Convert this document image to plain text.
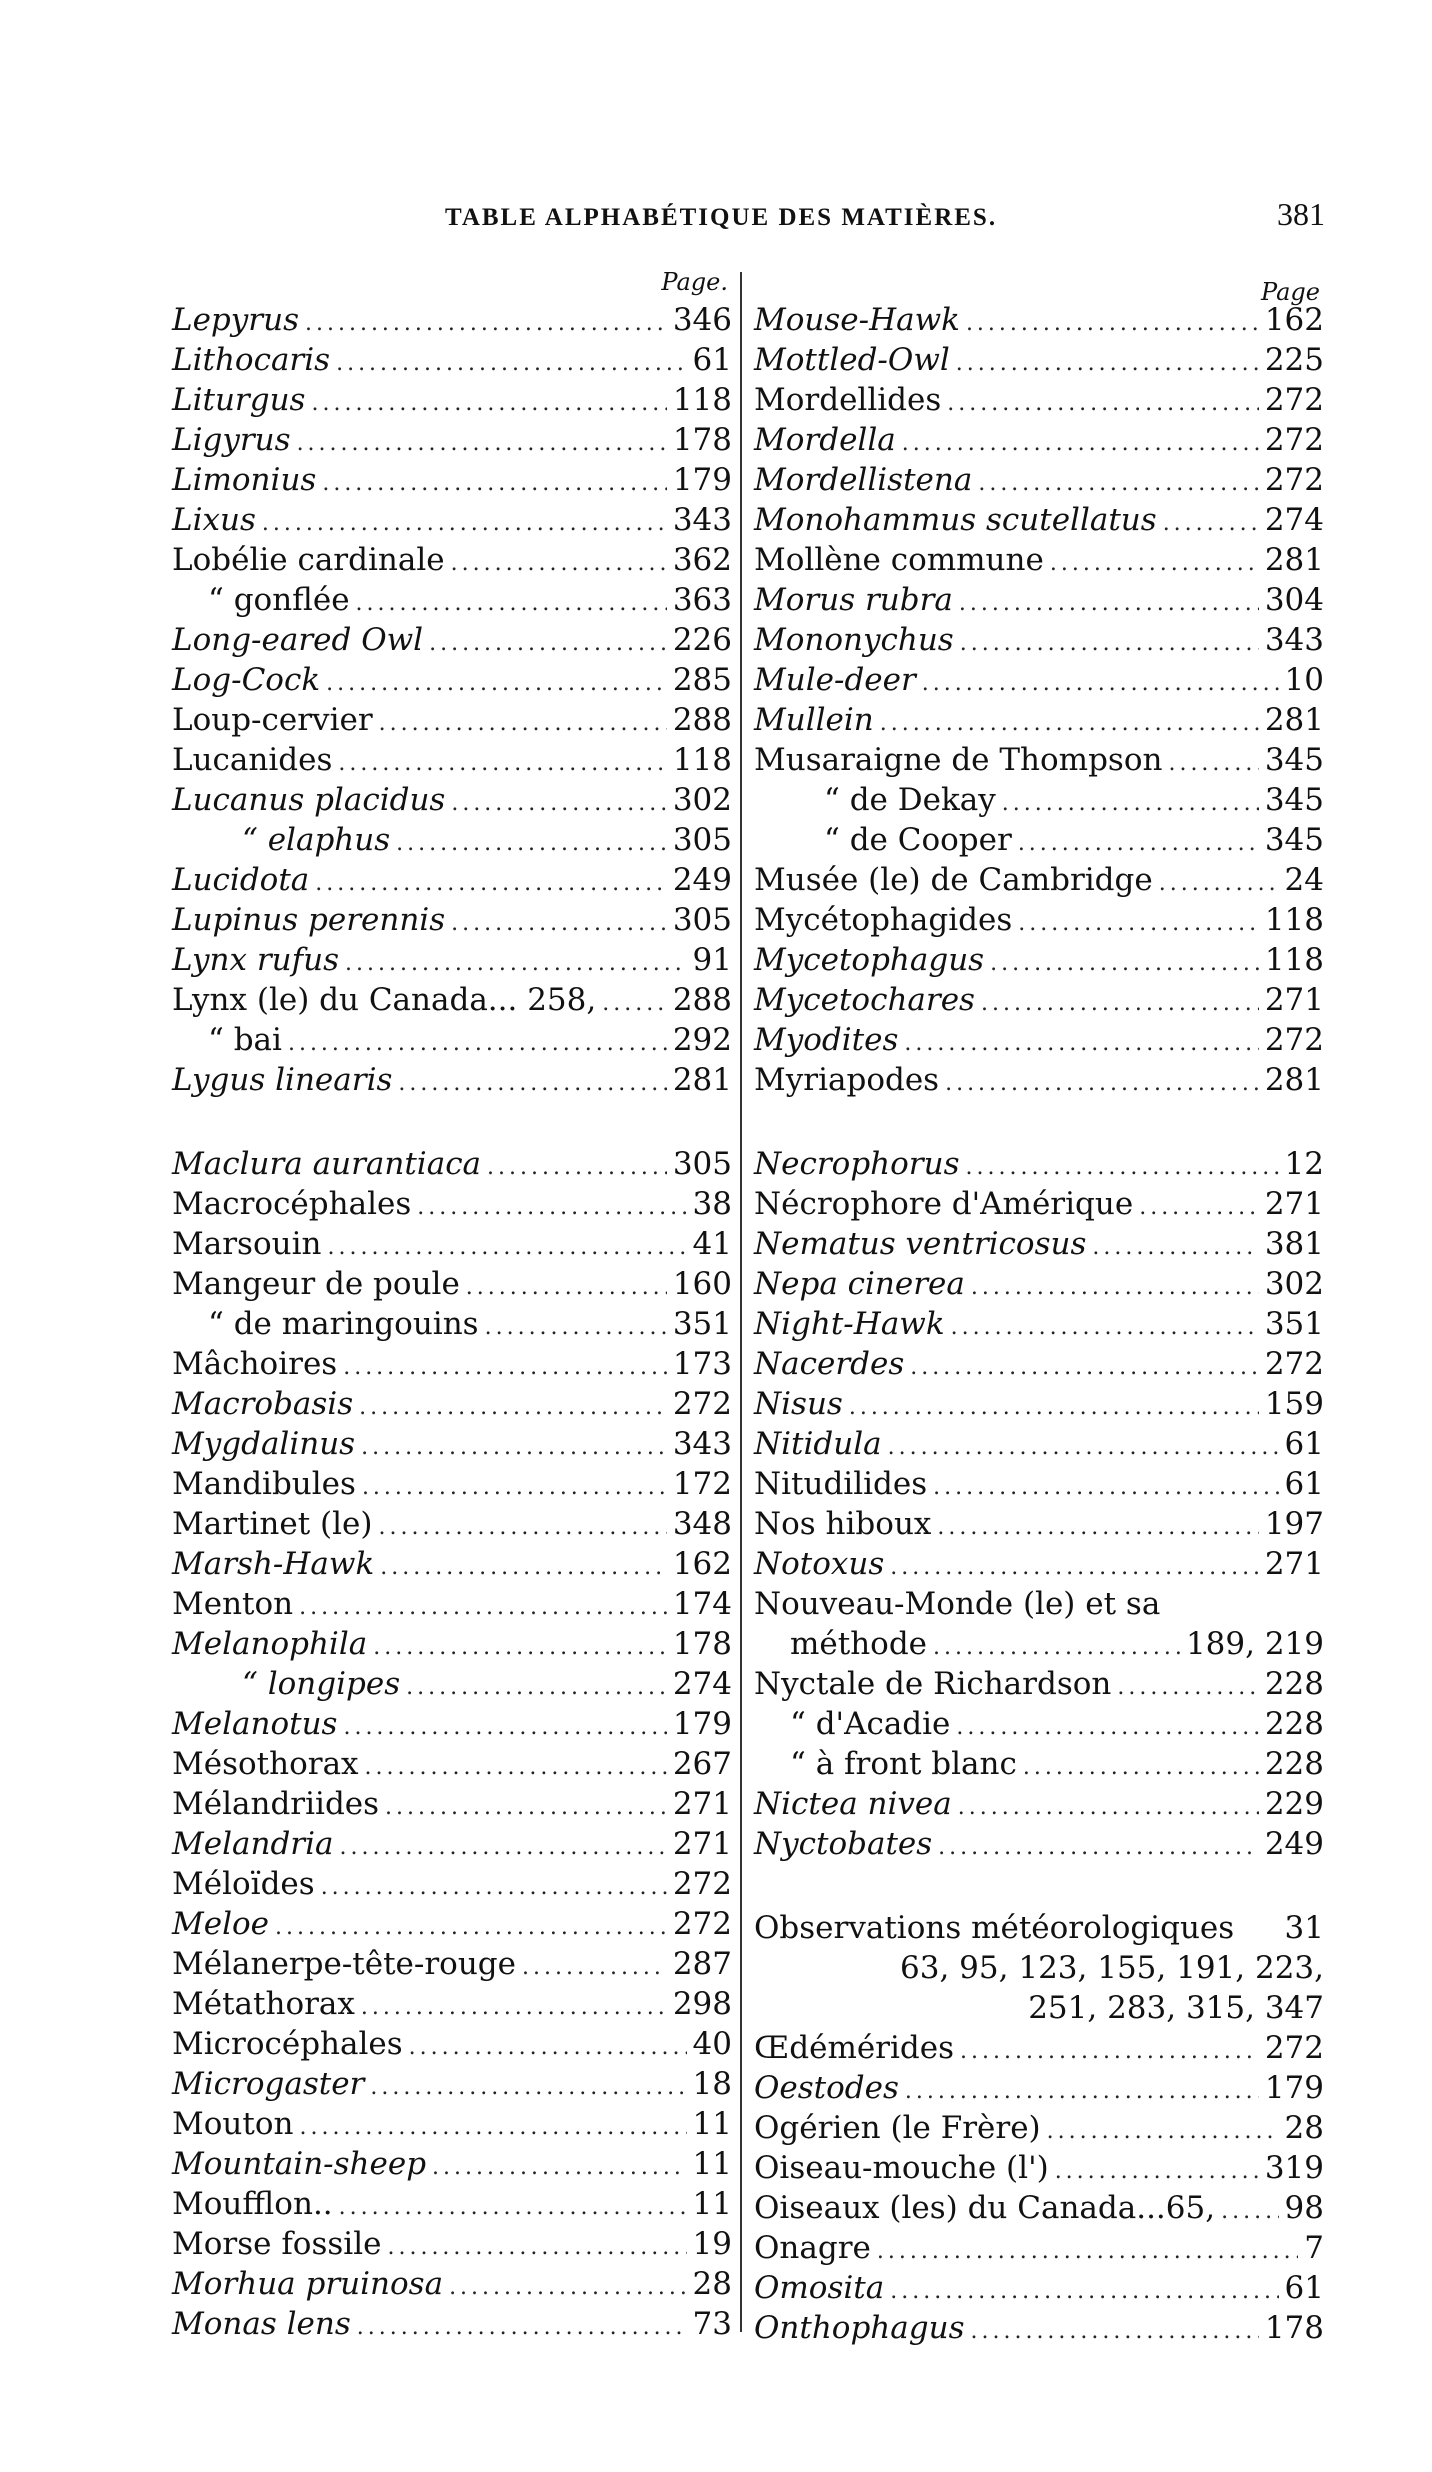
TABLE ALPHABÉTIQUE DES MATIÈRES.	381
Page.
Lepyrus .....	346
Lithocaris .....	61
Liturgus .....	118
Ligyrus .....	178
Limonius .....	179
Lixus .....	343
Lobélie cardinale .....	362
“ gonflée .....	363
Long-eared Owl .....	226
Log-Cock .....	285
Loup-cervier .....	288
Lucanides .....	118
Lucanus placidus .....	302
“ elaphus .....	305
Lucidota .....	249
Lupinus perennis .....	305
Lynx rufus .....	91
Lynx (le) du Canada... 258, ..... 288
“ bai .....	292
Lygus linearis .....	281
Maclura aurantiaca .....	305
Macrocéphales .....	38
Marsouin .....	41
Mangeur de poule .....	160
“ de maringouins .....	351
Mâchoires .....	173
Macrobasis .....	272
Mygdalinus .....	343
Mandibules .....	172
Martinet (le) .....	348
Marsh-Hawk .....	162
Menton .....	174
Melanophila .....	178
“ longipes .....	274
Melanotus .....	179
Mésothorax .....	267
Mélandriides .....	271
Melandria .....	271
Méloïdes .....	272
Meloe .....	272
Mélanerpe-tête-rouge .....	287
Métathorax .....	298
Microcéphales .....	40
Microgaster .....	18
Mouton .....	11
Mountain-sheep .....	11
Moufflon.. .....	11
Morse fossile .....	19
Morhua pruinosa .....	28
Monas lens .....	73
Page
Mouse-Hawk .....	162
Mottled-Owl .....	225
Mordellides .....	272
Mordella .....	272
Mordellistena .....	272
Monohammus scutellatus .....	274
Mollène commune .....	281
Morus rubra .....	304
Mononychus .....	343
Mule-deer .....	10
Mullein .....	281
Musaraigne de Thompson .....	345
“ de Dekay .....	345
“ de Cooper .....	345
Musée (le) de Cambridge .....	24
Mycétophagides .....	118
Mycetophagus .....	118
Mycetochares .....	271
Myodites .....	272
Myriapodes .....	281
Necrophorus .....	12
Nécrophore d'Amérique .....	271
Nematus ventricosus .....	381
Nepa cinerea .....	302
Night-Hawk .....	351
Nacerdes .....	272
Nisus .....	159
Nitidula .....	61
Nitudilides .....	61
Nos hiboux .....	197
Notoxus .....	271
Nouveau-Monde (le) et sa
méthode .....	189, 219
Nyctale de Richardson .....	228
“ d'Acadie .....	228
“ à front blanc .....	228
Nictea nivea .....	229
Nyctobates .....	249
Observations météorologiques 31
63, 95, 123, 155, 191, 223,
251, 283, 315, 347
Œdémérides .....	272
Oestodes .....	179
Ogérien (le Frère) .....	28
Oiseau-mouche (l') .....	319
Oiseaux (les) du Canada...65, ..... 98
Onagre .....	7
Omosita .....	61
Onthophagus .....	178
